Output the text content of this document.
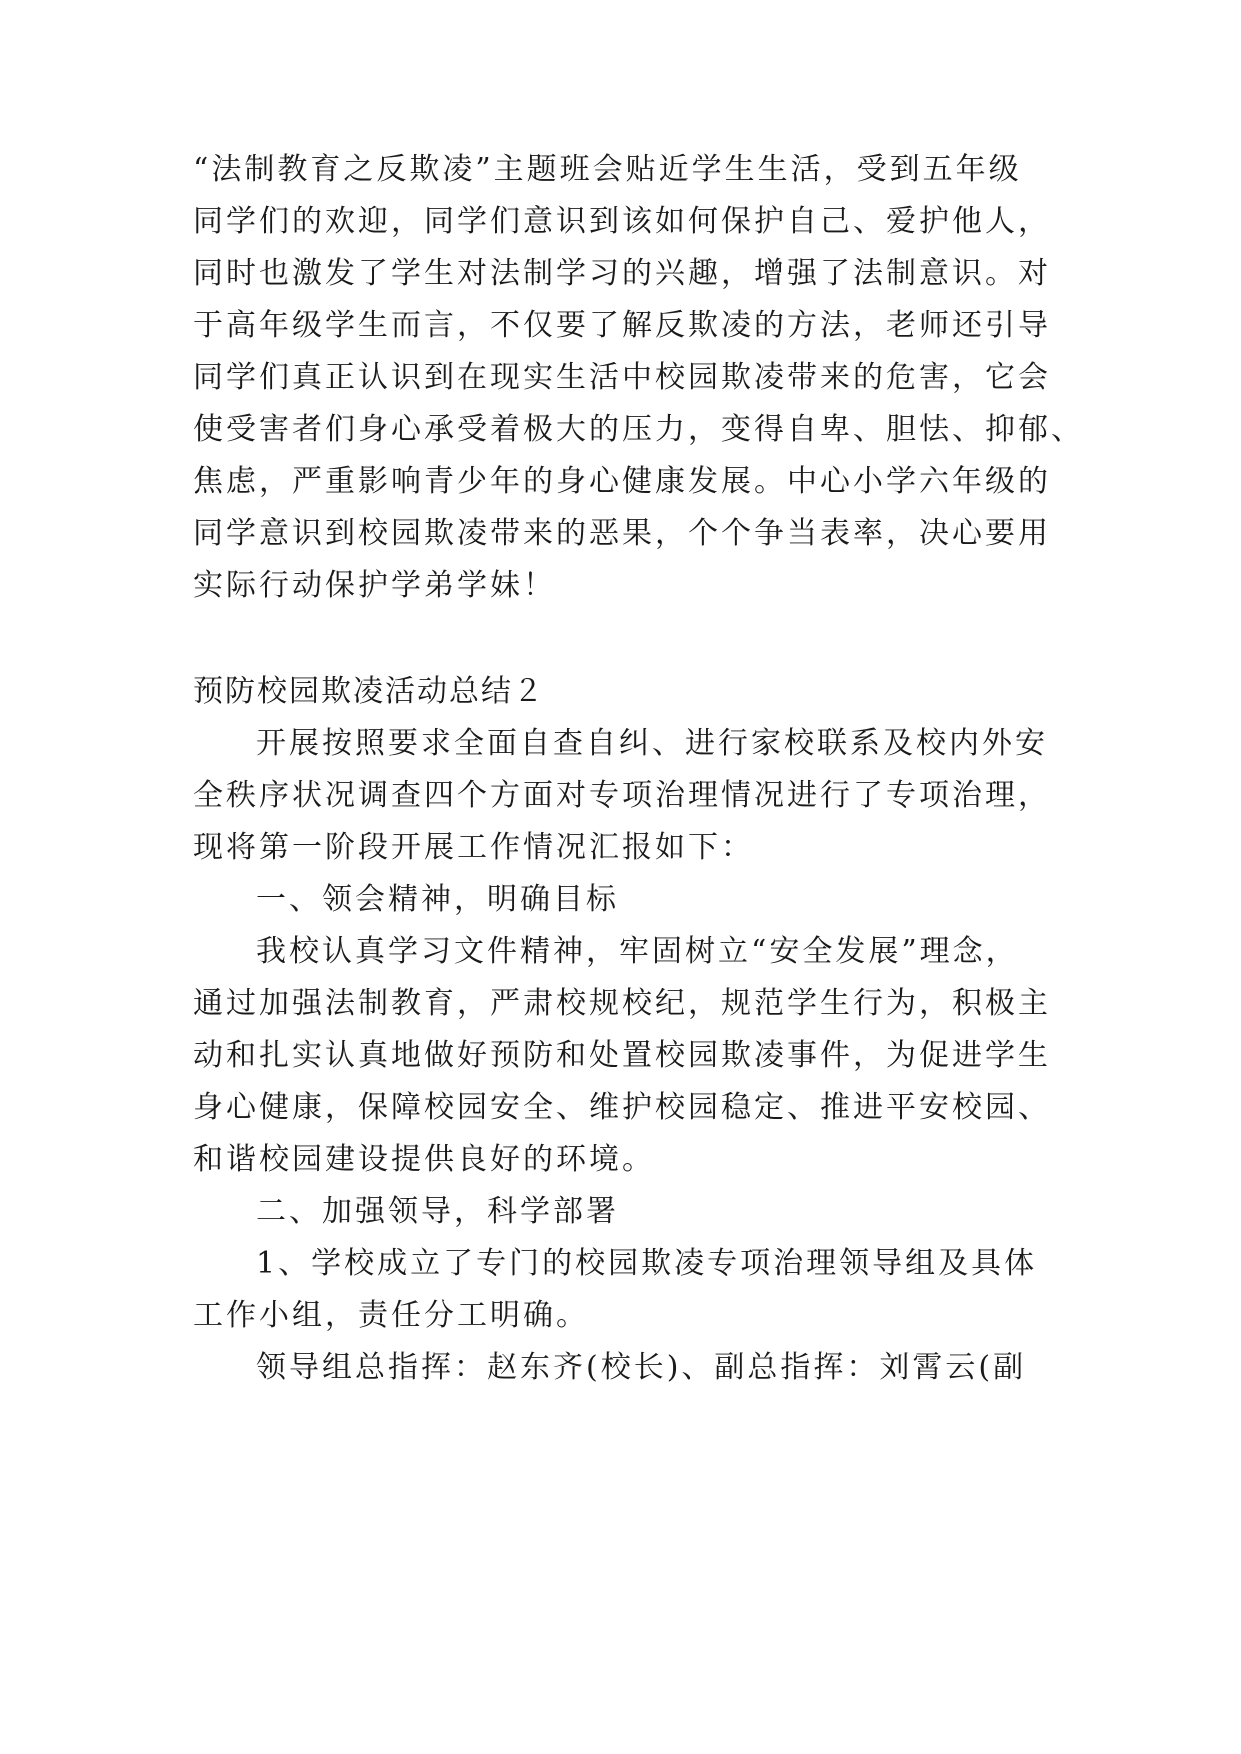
“法制教育之反欺凌”主题班会贴近学生生活，受到五年级

同学们的欢迎，同学们意识到该如何保护自己、爱护他人，

同时也激发了学生对法制学习的兴趣，增强了法制意识。对

于高年级学生而言，不仅要了解反欺凌的方法，老师还引导

同学们真正认识到在现实生活中校园欺凌带来的危害，它会

使受害者们身心承受着极大的压力，变得自卑、胆怯、抑郁、

焦虑，严重影响青少年的身心健康发展。中心小学六年级的

同学意识到校园欺凌带来的恶果，个个争当表率，决心要用

实际行动保护学弟学妹！

预防校园欺凌活动总结２

开展按照要求全面自查自纠、进行家校联系及校内外安

全秩序状况调查四个方面对专项治理情况进行了专项治理，

现将第一阶段开展工作情况汇报如下：

一、领会精神，明确目标

我校认真学习文件精神，牢固树立“安全发展”理念，

通过加强法制教育，严肃校规校纪，规范学生行为，积极主

动和扎实认真地做好预防和处置校园欺凌事件，为促进学生

身心健康，保障校园安全、维护校园稳定、推进平安校园、

和谐校园建设提供良好的环境。

二、加强领导，科学部署

1、学校成立了专门的校园欺凌专项治理领导组及具体

工作小组，责任分工明确。

领导组总指挥：赵东齐(校长)、副总指挥：刘霄云(副
